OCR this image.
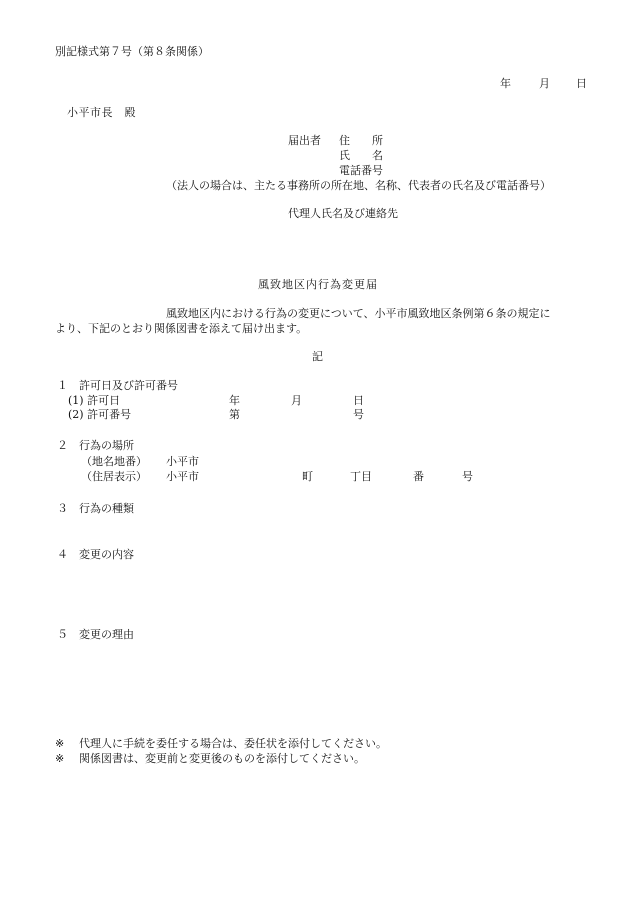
別記様式第７号（第８条関係）
年	月 日
小平市長　殿
届出者 住　　所
氏　　名
電話番号
（法人の場合は、主たる事務所の所在地、名称、代表者の氏名及び電話番号）
代理人氏名及び連絡先
風致地区内行為変更届
風致地区内における行為の変更について、小平市風致地区条例第６条の規定に
より、下記のとおり関係図書を添えて届け出ます。
記
１ 許可日及び許可番号
(1) 許可日	年	月	日
(2) 許可番号	第	号
２ 行為の場所
（地名地番） 小平市
（住居表示） 小平市	町	丁目	番	号
３ 行為の種類
４ 変更の内容
５ 変更の理由
※ 代理人に手続を委任する場合は、委任状を添付してください。
※ 関係図書は、変更前と変更後のものを添付してください。
